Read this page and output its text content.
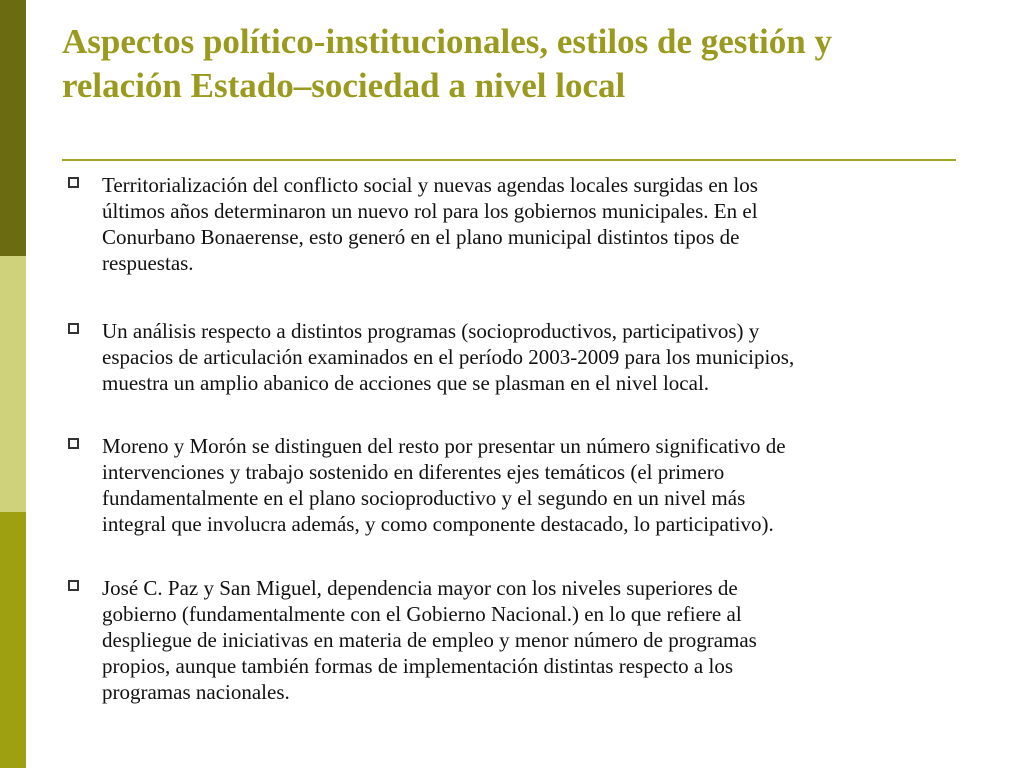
Aspectos político-institucionales, estilos de gestión y
relación Estado–sociedad a nivel local
Territorialización del conflicto social y nuevas agendas locales surgidas en los
últimos años determinaron un nuevo rol para los gobiernos municipales. En el
Conurbano Bonaerense, esto generó en el plano municipal distintos tipos de
respuestas.
Un análisis respecto a distintos programas (socioproductivos, participativos) y
espacios de articulación examinados en el período 2003-2009 para los municipios,
muestra un amplio abanico de acciones que se plasman en el nivel local.
Moreno y Morón se distinguen del resto por presentar un número significativo de
intervenciones y trabajo sostenido en diferentes ejes temáticos (el primero
fundamentalmente en el plano socioproductivo y el segundo en un nivel más
integral que involucra además, y como componente destacado, lo participativo).
José C. Paz y San Miguel, dependencia mayor con los niveles superiores de
gobierno (fundamentalmente con el Gobierno Nacional.) en lo que refiere al
despliegue de iniciativas en materia de empleo y menor número de programas
propios, aunque también formas de implementación distintas respecto a los
programas nacionales.
